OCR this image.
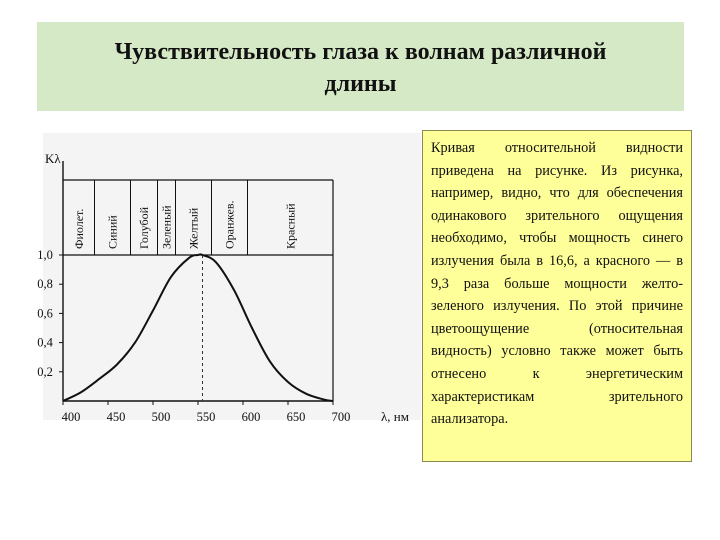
Чувствительность глаза к волнам различной
длины
Kλ
λ, нм
Фиолет. Синий Голубой Зеленый Желтый Оранжев.	Красный
0,2
0,4
0,6
0,8
1,0
400 450 500 550 600 650 700

Кривая относительной видности приведена на рисунке. Из рисунка, например, видно, что для обеспечения одинакового зрительного ощущения необходимо, чтобы мощность синего излучения была в 16,6, а красного — в 9,3 раза больше мощности желто-зеленого излучения. По этой причине цветоощущение (относительная видность) условно также может быть отнесено к энергетическим характеристикам зрительного анализатора.
